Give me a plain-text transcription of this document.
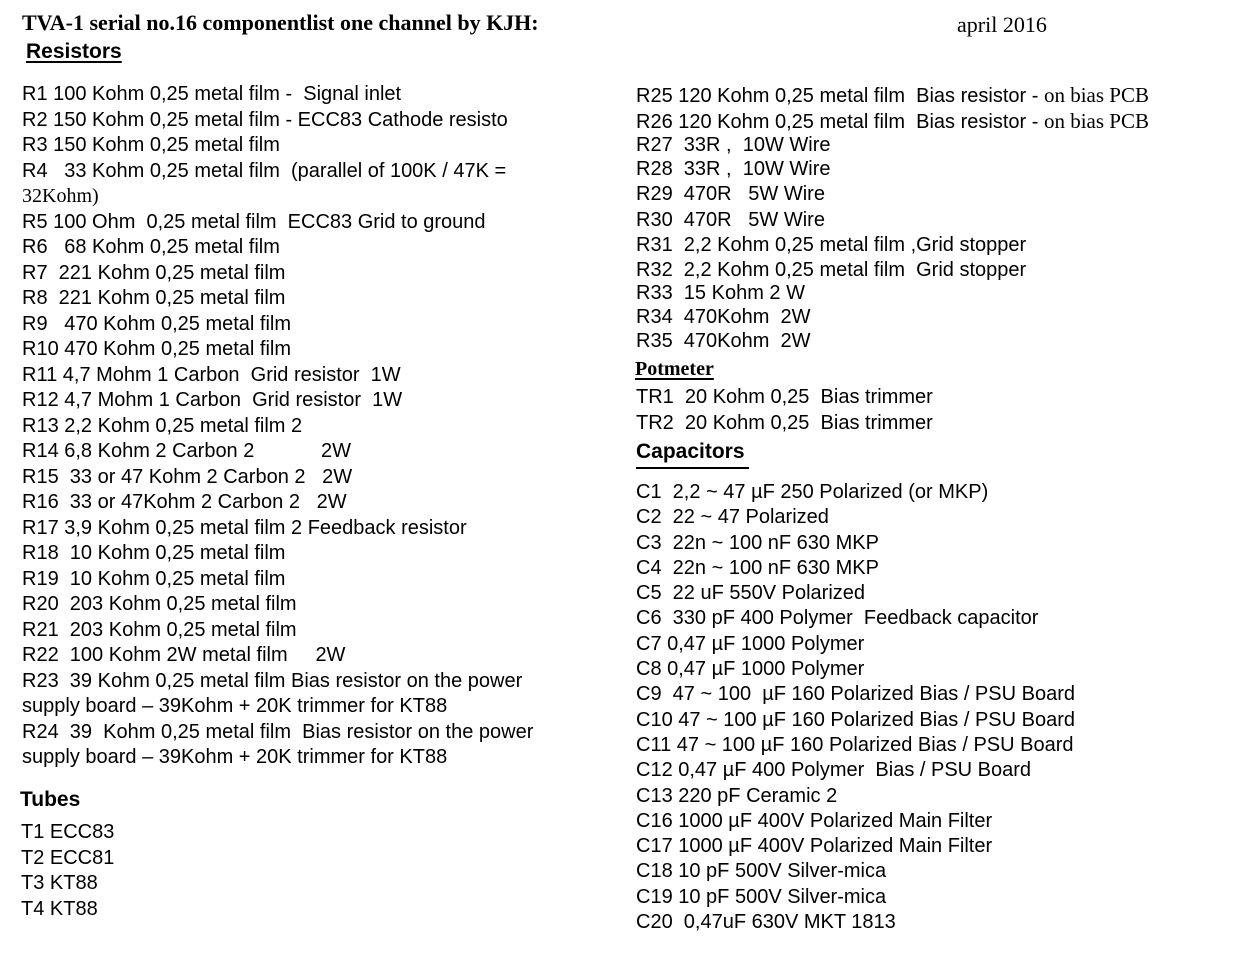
TVA-1 serial no.16 componentlist one channel by KJH:	april 2016
Resistors
R1 100 Kohm 0,25 metal film -  Signal inlet
R2 150 Kohm 0,25 metal film - ECC83 Cathode resisto
R3 150 Kohm 0,25 metal film
R4   33 Kohm 0,25 metal film  (parallel of 100K / 47K =
32Kohm)
R5 100 Ohm  0,25 metal film  ECC83 Grid to ground
R6   68 Kohm 0,25 metal film
R7  221 Kohm 0,25 metal film
R8  221 Kohm 0,25 metal film
R9   470 Kohm 0,25 metal film
R10 470 Kohm 0,25 metal film
R11 4,7 Mohm 1 Carbon  Grid resistor  1W
R12 4,7 Mohm 1 Carbon  Grid resistor  1W
R13 2,2 Kohm 0,25 metal film 2
R14 6,8 Kohm 2 Carbon 2            2W
R15  33 or 47 Kohm 2 Carbon 2   2W
R16  33 or 47Kohm 2 Carbon 2   2W
R17 3,9 Kohm 0,25 metal film 2 Feedback resistor
R18  10 Kohm 0,25 metal film
R19  10 Kohm 0,25 metal film
R20  203 Kohm 0,25 metal film
R21  203 Kohm 0,25 metal film
R22  100 Kohm 2W metal film     2W
R23  39 Kohm 0,25 metal film Bias resistor on the power
supply board – 39Kohm + 20K trimmer for KT88
R24  39  Kohm 0,25 metal film  Bias resistor on the power
supply board – 39Kohm + 20K trimmer for KT88
Tubes
T1 ECC83
T2 ECC81
T3 KT88
T4 KT88
R25 120 Kohm 0,25 metal film  Bias resistor - on bias PCB
R26 120 Kohm 0,25 metal film  Bias resistor - on bias PCB
R27  33R ,  10W Wire
R28  33R ,  10W Wire
R29  470R   5W Wire
R30  470R   5W Wire
R31  2,2 Kohm 0,25 metal film ,Grid stopper
R32  2,2 Kohm 0,25 metal film  Grid stopper
R33  15 Kohm 2 W
R34  470Kohm  2W
R35  470Kohm  2W
Potmeter
TR1  20 Kohm 0,25  Bias trimmer
TR2  20 Kohm 0,25  Bias trimmer
Capacitors
C1  2,2 ~ 47 µF 250 Polarized (or MKP)
C2  22 ~ 47 Polarized
C3  22n ~ 100 nF 630 MKP
C4  22n ~ 100 nF 630 MKP
C5  22 uF 550V Polarized
C6  330 pF 400 Polymer  Feedback capacitor
C7 0,47 µF 1000 Polymer
C8 0,47 µF 1000 Polymer
C9  47 ~ 100  µF 160 Polarized Bias / PSU Board
C10 47 ~ 100 µF 160 Polarized Bias / PSU Board
C11 47 ~ 100 µF 160 Polarized Bias / PSU Board
C12 0,47 µF 400 Polymer  Bias / PSU Board
C13 220 pF Ceramic 2
C16 1000 µF 400V Polarized Main Filter
C17 1000 µF 400V Polarized Main Filter
C18 10 pF 500V Silver-mica
C19 10 pF 500V Silver-mica
C20  0,47uF 630V MKT 1813
